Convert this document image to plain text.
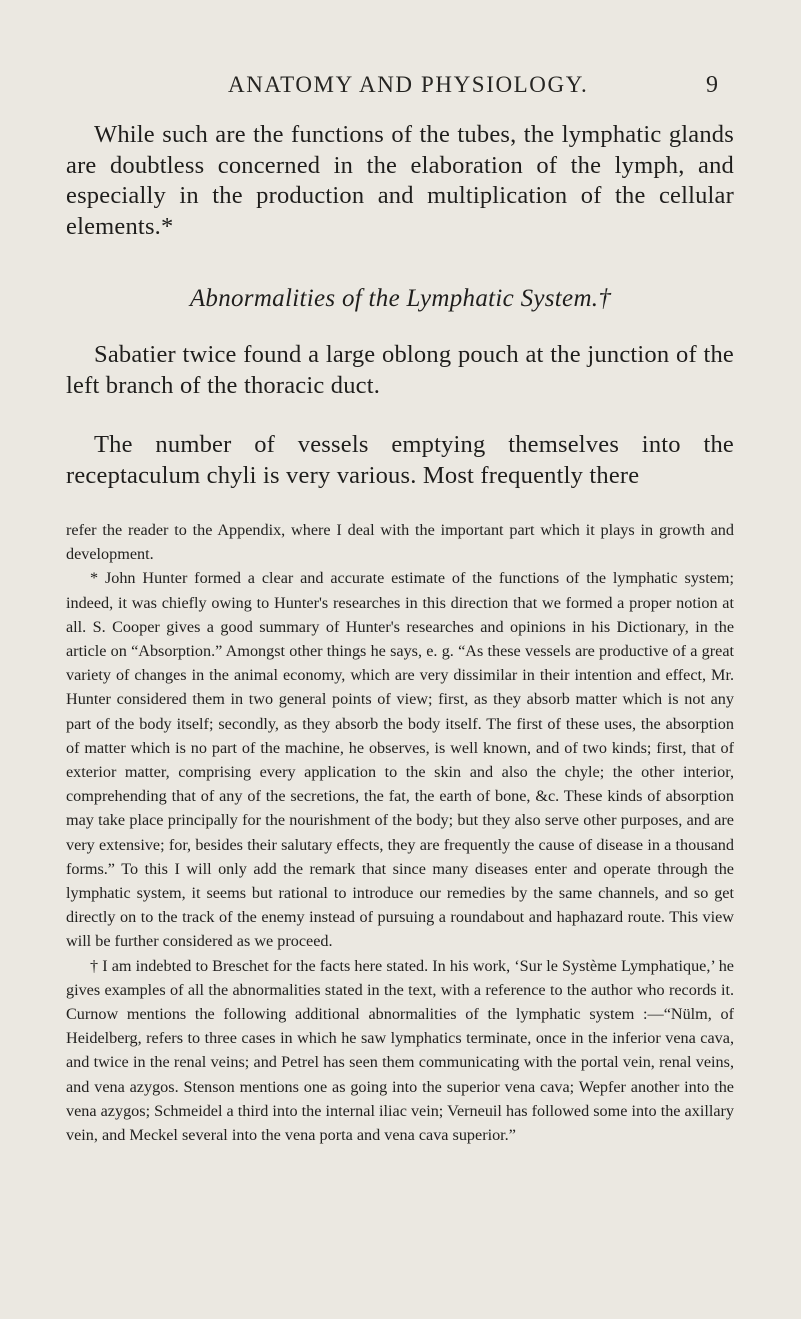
ANATOMY AND PHYSIOLOGY.	9
While such are the functions of the tubes, the lymphatic glands are doubtless concerned in the elaboration of the lymph, and especially in the production and multiplication of the cellular elements.*
Abnormalities of the Lymphatic System.†
Sabatier twice found a large oblong pouch at the junction of the left branch of the thoracic duct.
The number of vessels emptying themselves into the receptaculum chyli is very various. Most frequently there

refer the reader to the Appendix, where I deal with the important part which it plays in growth and development.

* John Hunter formed a clear and accurate estimate of the functions of the lymphatic system; indeed, it was chiefly owing to Hunter's researches in this direction that we formed a proper notion at all. S. Cooper gives a good summary of Hunter's researches and opinions in his Dictionary, in the article on “Absorption.” Amongst other things he says, e. g. “As these vessels are productive of a great variety of changes in the animal economy, which are very dissimilar in their intention and effect, Mr. Hunter considered them in two general points of view; first, as they absorb matter which is not any part of the body itself; secondly, as they absorb the body itself. The first of these uses, the absorption of matter which is no part of the machine, he observes, is well known, and of two kinds; first, that of exterior matter, comprising every application to the skin and also the chyle; the other interior, comprehending that of any of the secretions, the fat, the earth of bone, &c. These kinds of absorption may take place principally for the nourishment of the body; but they also serve other purposes, and are very extensive; for, besides their salutary effects, they are frequently the cause of disease in a thousand forms.” To this I will only add the remark that since many diseases enter and operate through the lymphatic system, it seems but rational to introduce our remedies by the same channels, and so get directly on to the track of the enemy instead of pursuing a roundabout and haphazard route. This view will be further considered as we proceed.

† I am indebted to Breschet for the facts here stated. In his work, ‘Sur le Système Lymphatique,’ he gives examples of all the abnormalities stated in the text, with a reference to the author who records it. Curnow mentions the following additional abnormalities of the lymphatic system :—“Nülm, of Heidelberg, refers to three cases in which he saw lymphatics terminate, once in the inferior vena cava, and twice in the renal veins; and Petrel has seen them communicating with the portal vein, renal veins, and vena azygos. Stenson mentions one as going into the superior vena cava; Wepfer another into the vena azygos; Schmeidel a third into the internal iliac vein; Verneuil has followed some into the axillary vein, and Meckel several into the vena porta and vena cava superior.”
